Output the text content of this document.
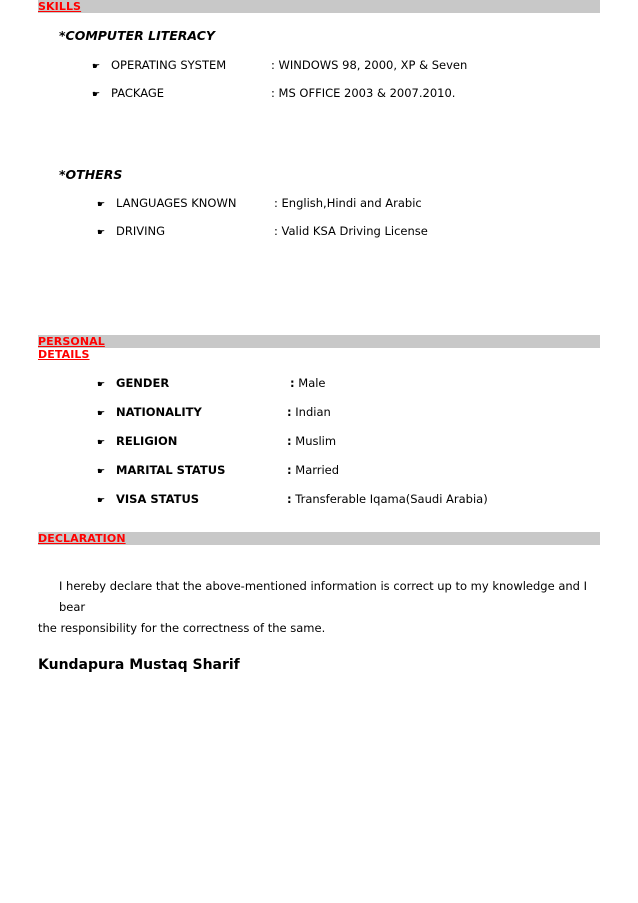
SKILLS
*COMPUTER LITERACY
☛ OPERATING SYSTEM	: WINDOWS 98, 2000, XP & Seven
☛ PACKAGE	: MS OFFICE 2003 & 2007.2010.
*OTHERS
☛ LANGUAGES KNOWN	: English,Hindi and Arabic
☛ DRIVING	: Valid KSA Driving License
PERSONAL DETAILS
☛ GENDER	: Male
☛ NATIONALITY	: Indian
☛ RELIGION	: Muslim
☛ MARITAL STATUS	: Married
☛ VISA STATUS	: Transferable Iqama(Saudi Arabia)
DECLARATION
I hereby declare that the above-mentioned information is correct up to my knowledge and I bear
the responsibility for the correctness of the same.
Kundapura Mustaq Sharif
